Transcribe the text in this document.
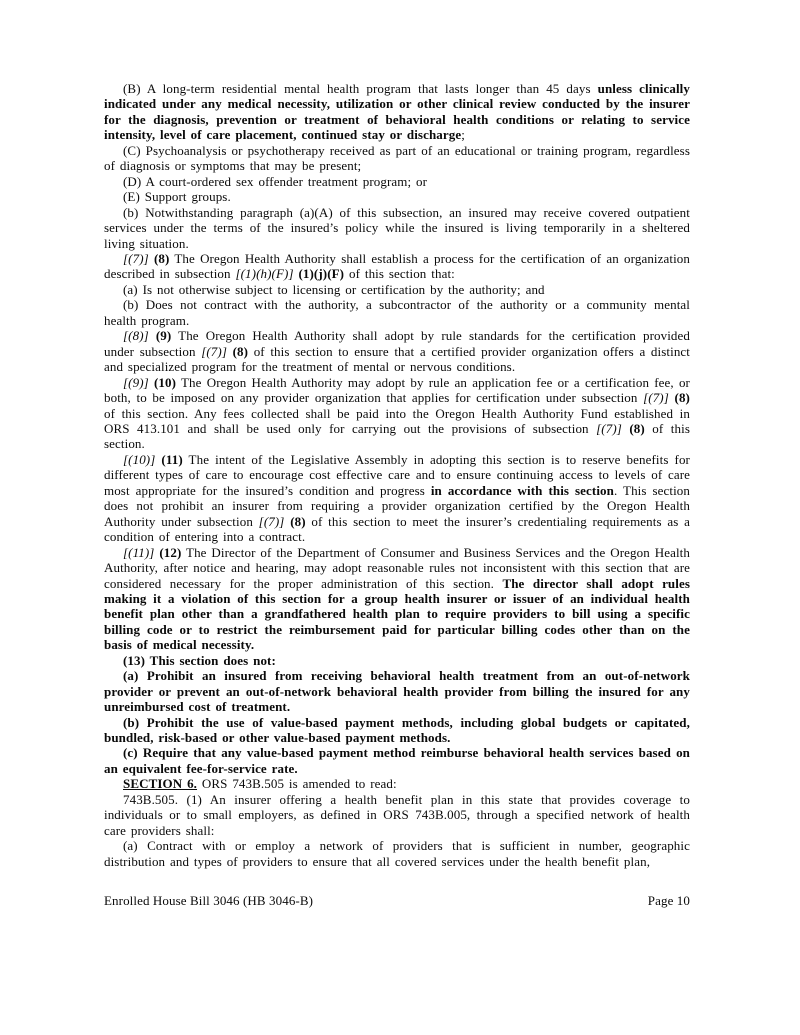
(B) A long-term residential mental health program that lasts longer than 45 days unless clinically indicated under any medical necessity, utilization or other clinical review conducted by the insurer for the diagnosis, prevention or treatment of behavioral health conditions or relating to service intensity, level of care placement, continued stay or discharge;

(C) Psychoanalysis or psychotherapy received as part of an educational or training program, regardless of diagnosis or symptoms that may be present;

(D) A court-ordered sex offender treatment program; or

(E) Support groups.

(b) Notwithstanding paragraph (a)(A) of this subsection, an insured may receive covered outpatient services under the terms of the insured’s policy while the insured is living temporarily in a sheltered living situation.

[(7)] (8) The Oregon Health Authority shall establish a process for the certification of an organization described in subsection [(1)(h)(F)] (1)(j)(F) of this section that:

(a) Is not otherwise subject to licensing or certification by the authority; and

(b) Does not contract with the authority, a subcontractor of the authority or a community mental health program.

[(8)] (9) The Oregon Health Authority shall adopt by rule standards for the certification provided under subsection [(7)] (8) of this section to ensure that a certified provider organization offers a distinct and specialized program for the treatment of mental or nervous conditions.

[(9)] (10) The Oregon Health Authority may adopt by rule an application fee or a certification fee, or both, to be imposed on any provider organization that applies for certification under subsection [(7)] (8) of this section. Any fees collected shall be paid into the Oregon Health Authority Fund established in ORS 413.101 and shall be used only for carrying out the provisions of subsection [(7)] (8) of this section.

[(10)] (11) The intent of the Legislative Assembly in adopting this section is to reserve benefits for different types of care to encourage cost effective care and to ensure continuing access to levels of care most appropriate for the insured’s condition and progress in accordance with this section. This section does not prohibit an insurer from requiring a provider organization certified by the Oregon Health Authority under subsection [(7)] (8) of this section to meet the insurer’s credentialing requirements as a condition of entering into a contract.

[(11)] (12) The Director of the Department of Consumer and Business Services and the Oregon Health Authority, after notice and hearing, may adopt reasonable rules not inconsistent with this section that are considered necessary for the proper administration of this section. The director shall adopt rules making it a violation of this section for a group health insurer or issuer of an individual health benefit plan other than a grandfathered health plan to require providers to bill using a specific billing code or to restrict the reimbursement paid for particular billing codes other than on the basis of medical necessity.

(13) This section does not:

(a) Prohibit an insured from receiving behavioral health treatment from an out-of-network provider or prevent an out-of-network behavioral health provider from billing the insured for any unreimbursed cost of treatment.

(b) Prohibit the use of value-based payment methods, including global budgets or capitated, bundled, risk-based or other value-based payment methods.

(c) Require that any value-based payment method reimburse behavioral health services based on an equivalent fee-for-service rate.

SECTION 6. ORS 743B.505 is amended to read:

743B.505. (1) An insurer offering a health benefit plan in this state that provides coverage to individuals or to small employers, as defined in ORS 743B.005, through a specified network of health care providers shall:

(a) Contract with or employ a network of providers that is sufficient in number, geographic distribution and types of providers to ensure that all covered services under the health benefit plan,

Enrolled House Bill 3046 (HB 3046-B)	Page 10
